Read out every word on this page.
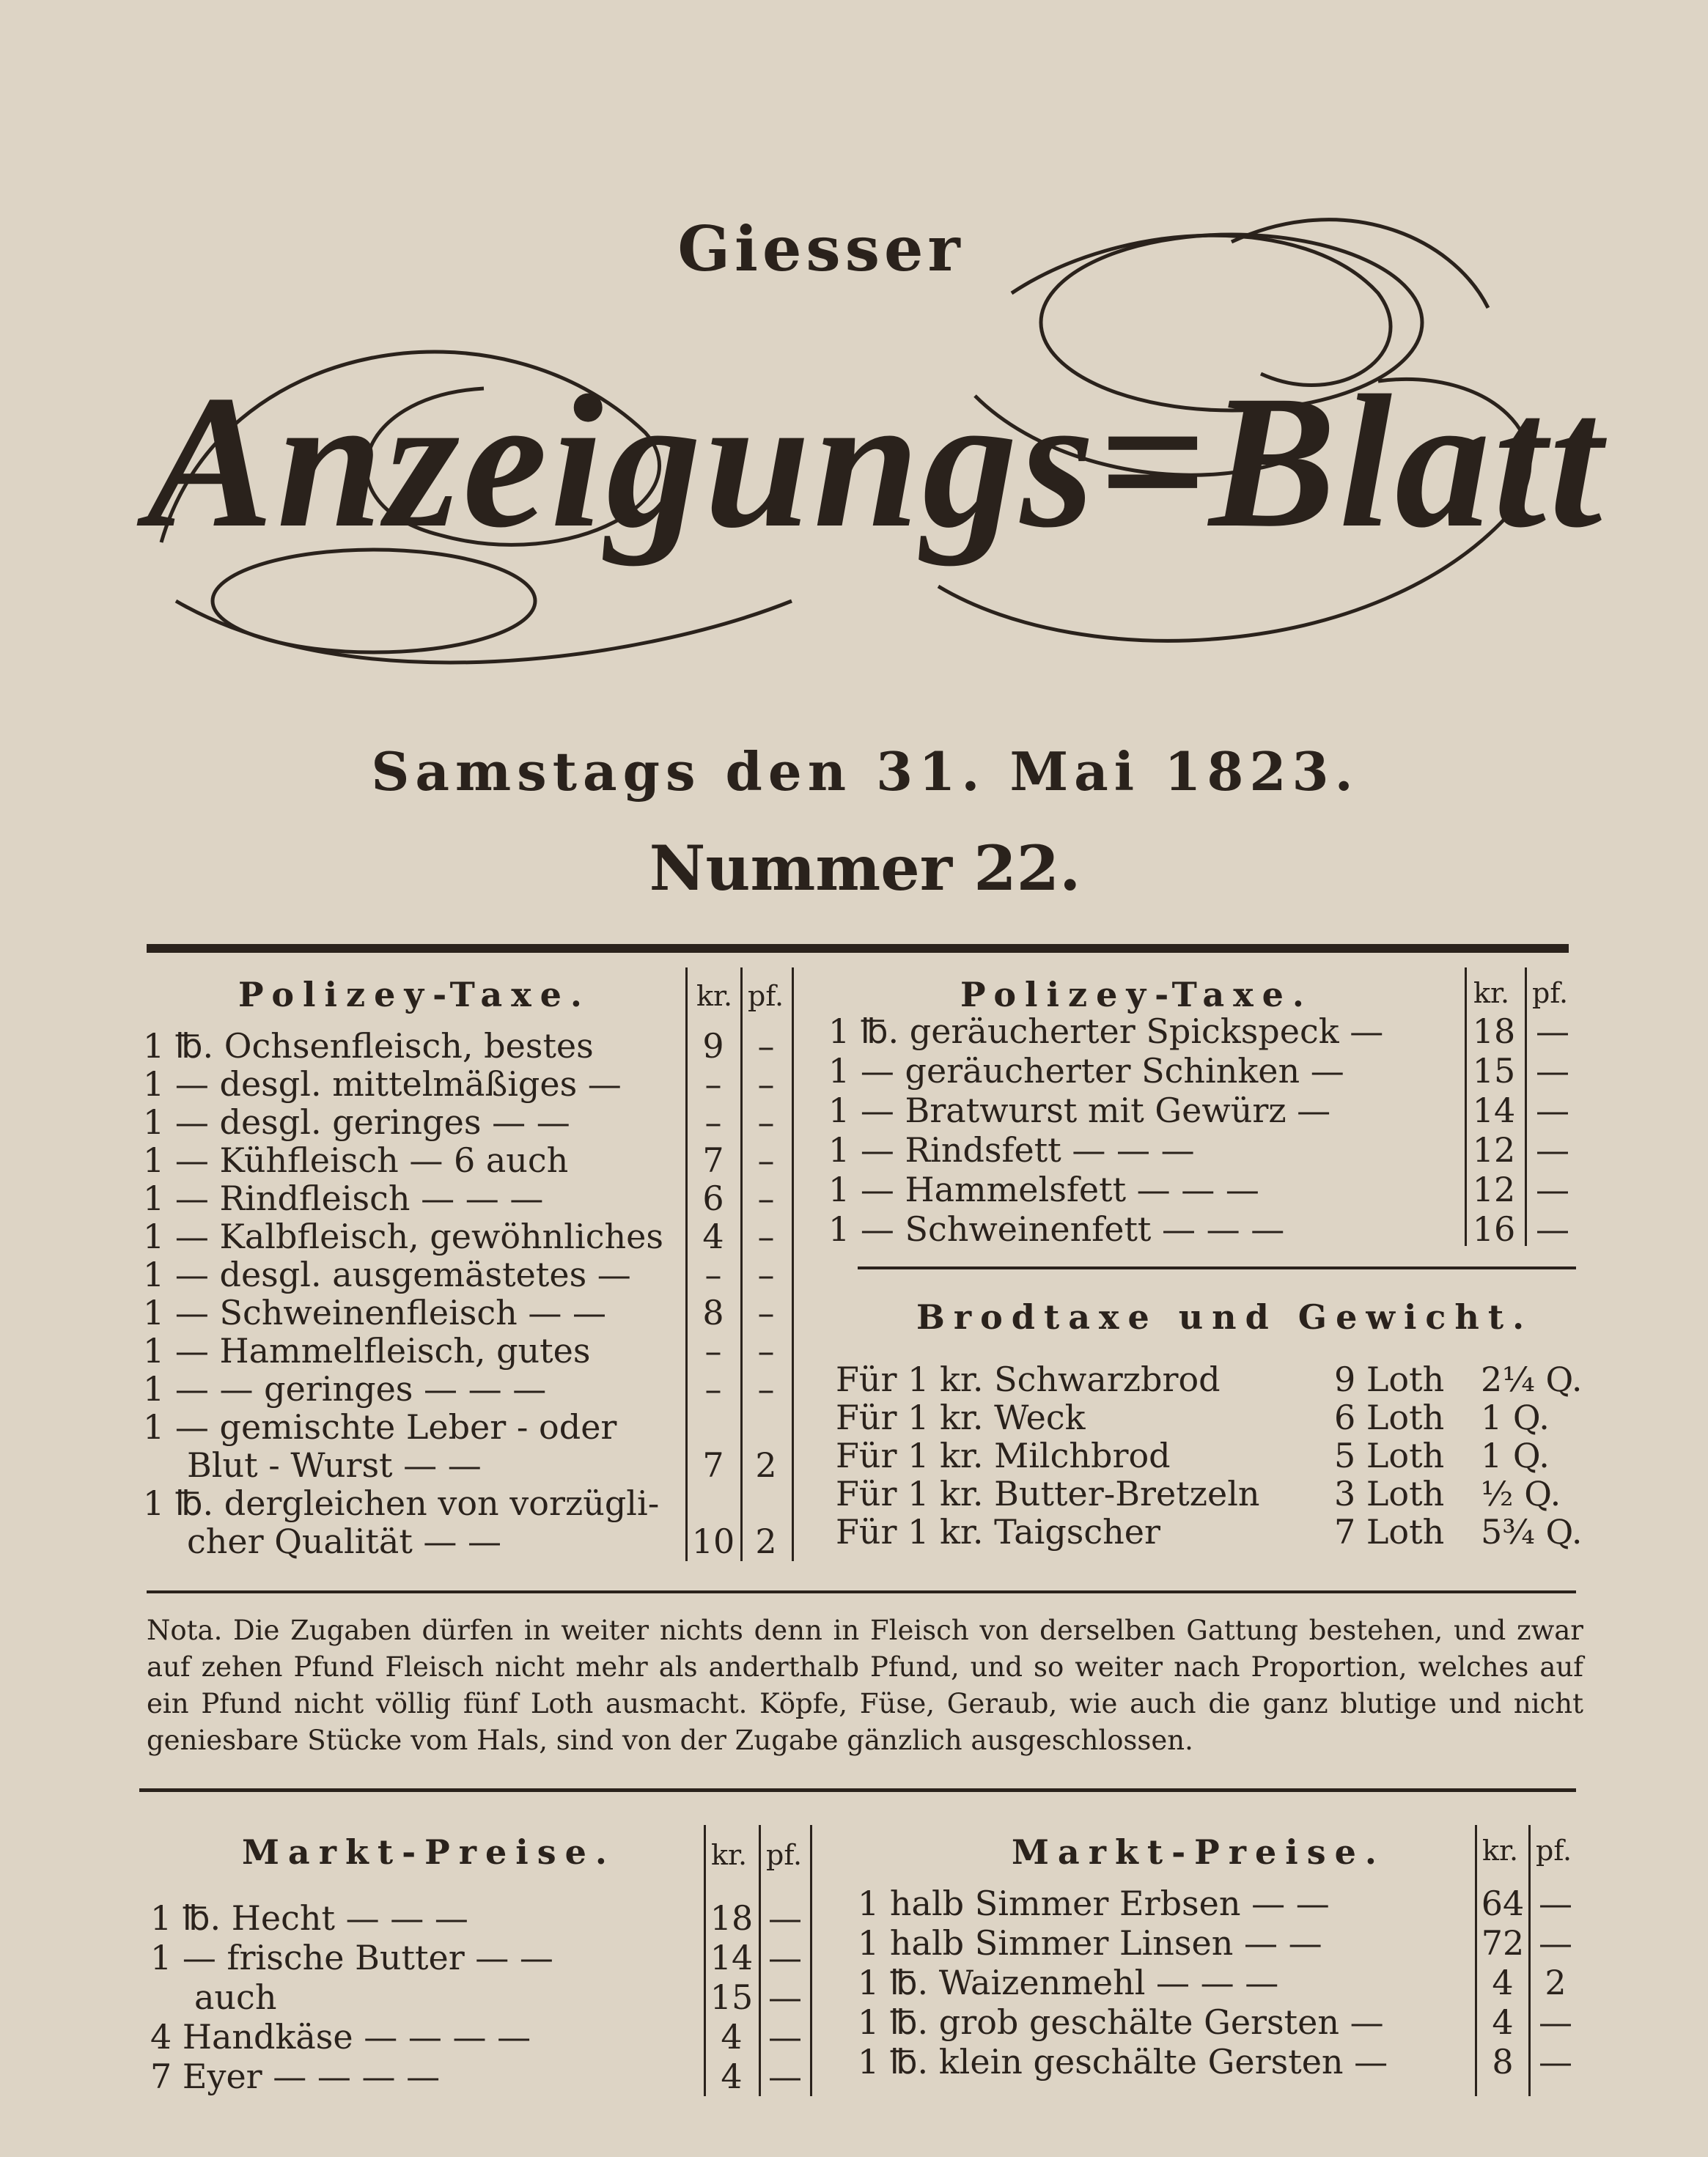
Giesser
Anzeigungs=Blatt
Samstags den 31. Mai 1823.
Nummer 22.
Polizey-Taxe.	kr. pf.
1 ℔. Ochsenfleisch, bestes	9 –
1 — desgl. mittelmäßiges —	–	–
1 — desgl. geringes — —	–	–
1 — Kühfleisch — 6 auch	7 –
1 — Rindfleisch — — —	6 –
1 — Kalbfleisch, gewöhnliches	4 –
1 — desgl. ausgemästetes —	–	–
1 — Schweinenfleisch — —	8 –
1 — Hammelfleisch, gutes	–	–
1 — — geringes — — —	–	–
1 — gemischte Leber - oder
Blut - Wurst — —	7 2
1 ℔. dergleichen von vorzügli-
cher Qualität — —	10 2
Polizey-Taxe.	kr. pf.
1 ℔. geräucherter Spickspeck —	18 —
1 — geräucherter Schinken —	15 —
1 — Bratwurst mit Gewürz —	14 —
1 — Rindsfett — — —	12 —
1 — Hammelsfett — — —	12 —
1 — Schweinenfett — — —	16 —
Brodtaxe und Gewicht.
Für 1 kr. Schwarzbrod	9 Loth 2¼ Q.
Für 1 kr. Weck	6 Loth 1 Q.
Für 1 kr. Milchbrod	5 Loth 1 Q.
Für 1 kr. Butter-Bretzeln 3 Loth ½ Q.
Für 1 kr. Taigscher	7 Loth 5¾ Q.
Nota. Die Zugaben dürfen in weiter nichts denn in Fleisch von derselben Gattung bestehen, und zwar auf zehen Pfund Fleisch nicht mehr als anderthalb Pfund, und so weiter nach Proportion, welches auf ein Pfund nicht völlig fünf Loth ausmacht. Köpfe, Füse, Geraub, wie auch die ganz blutige und nicht geniesbare Stücke vom Hals, sind von der Zugabe gänzlich ausgeschlossen.
Markt-Preise.	kr. pf.
1 ℔. Hecht — — —	18 —
1 — frische Butter — —	14 —
auch	15 —
4 Handkäse — — — —	4 —
7 Eyer — — — —	4 —
Markt-Preise.	kr. pf.
1 halb Simmer Erbsen — —	64 —
1 halb Simmer Linsen — —	72 —
1 ℔. Waizenmehl — — —	4 2
1 ℔. grob geschälte Gersten —	4 —
1 ℔. klein geschälte Gersten —	8 —
